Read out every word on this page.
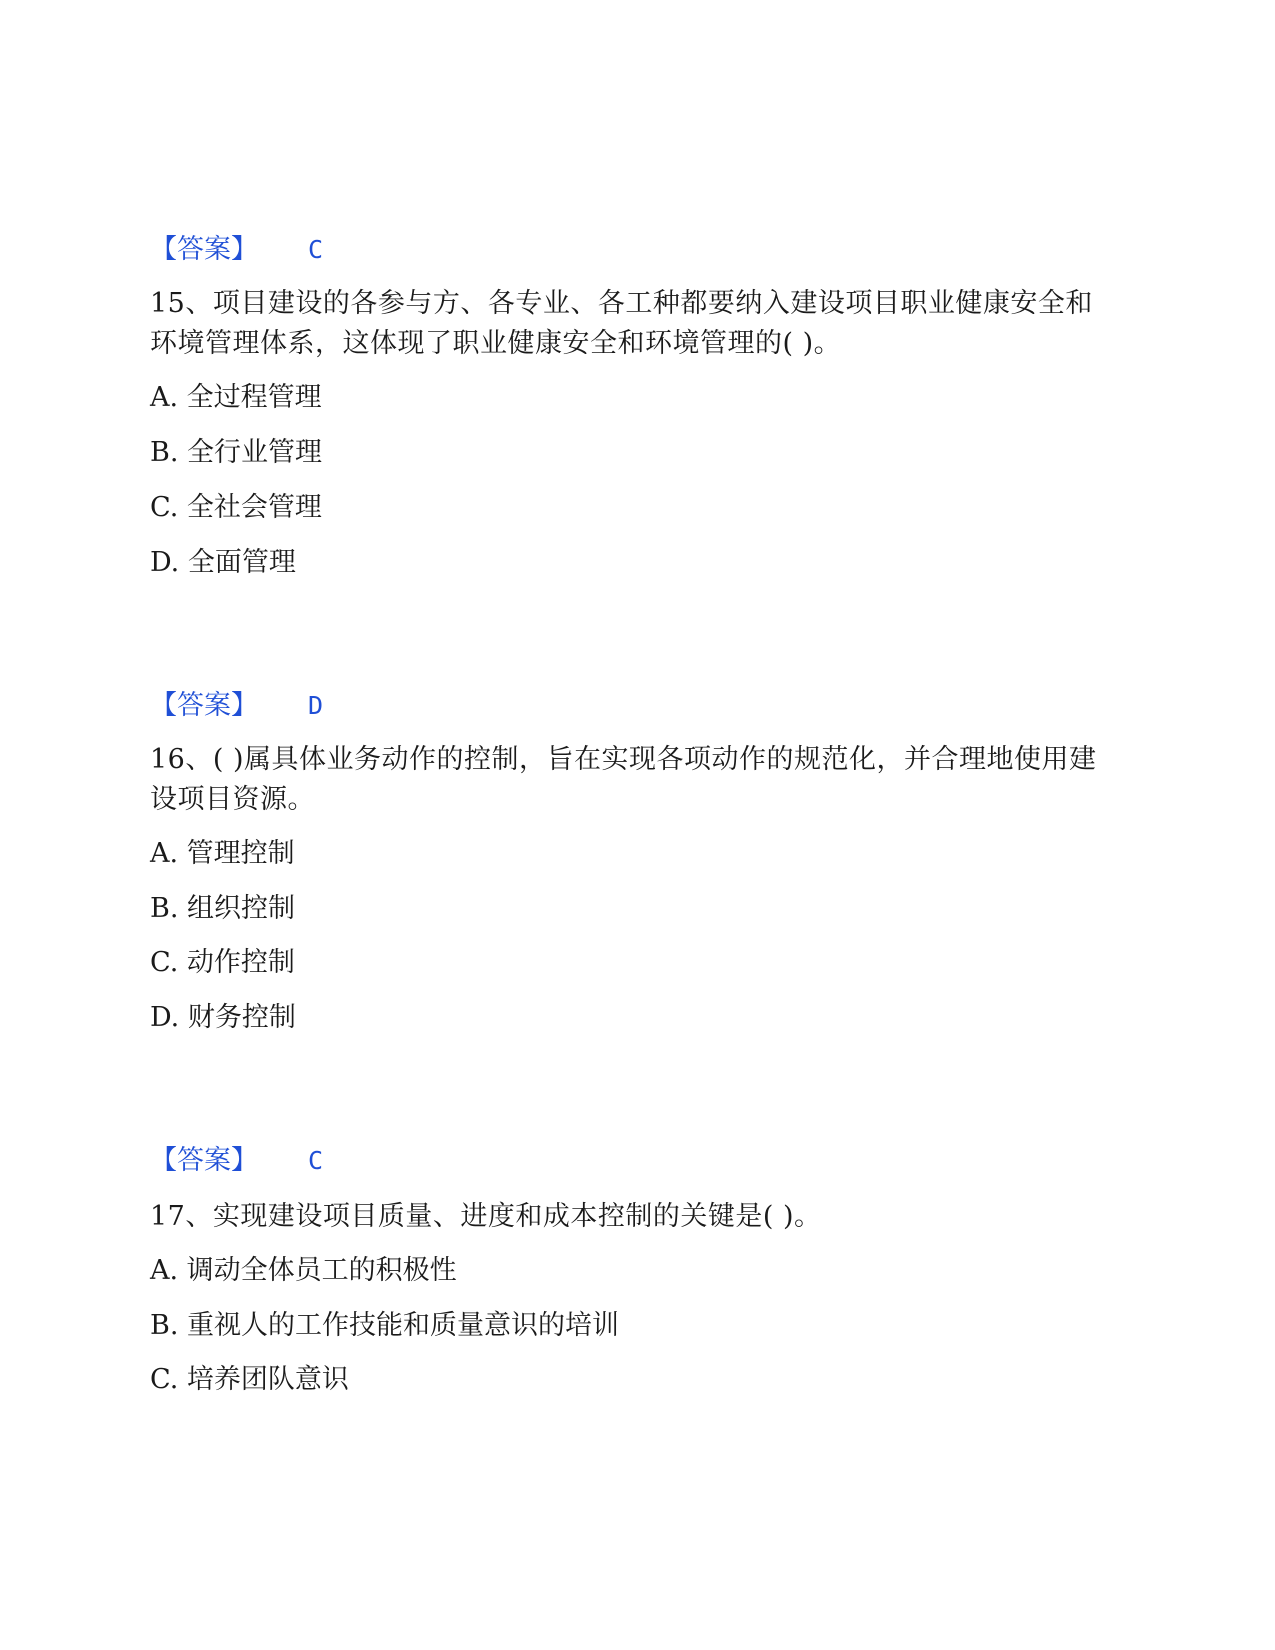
【答案】 C

15、项目建设的各参与方、各专业、各工种都要纳入建设项目职业健康安全和环境管理体系，这体现了职业健康安全和环境管理的( )。

A. 全过程管理
B. 全行业管理
C. 全社会管理
D. 全面管理
【答案】 D

16、( )属具体业务动作的控制，旨在实现各项动作的规范化，并合理地使用建设项目资源。

A. 管理控制
B. 组织控制
C. 动作控制
D. 财务控制
【答案】 C

17、实现建设项目质量、进度和成本控制的关键是( )。

A. 调动全体员工的积极性
B. 重视人的工作技能和质量意识的培训
C. 培养团队意识
